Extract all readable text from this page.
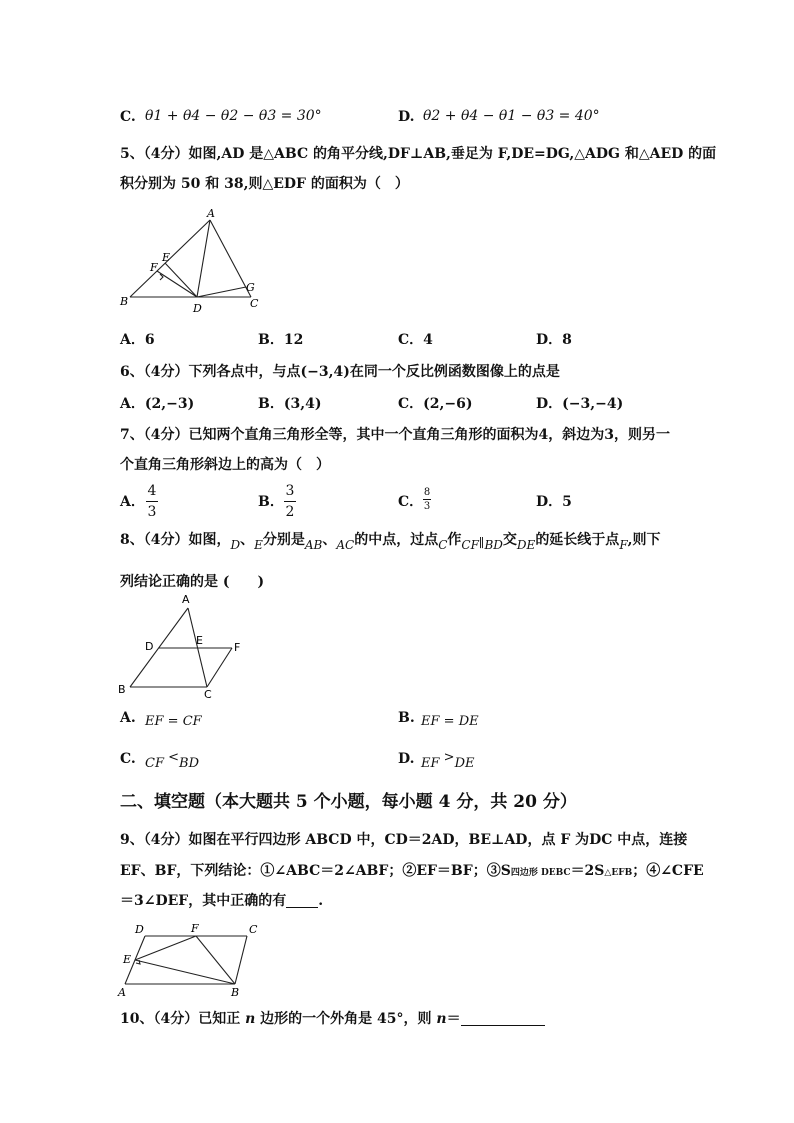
C. θ1 + θ4 − θ2 − θ3 = 30°	D. θ2 + θ4 − θ1 − θ3 = 40°
5、（4分）如图,AD 是△ABC 的角平分线,DF⊥AB,垂足为 F,DE=DG,△ADG 和△AED 的面
积分别为 50 和 38,则△EDF 的面积为（　）
A
E
F
B
D
G
C
A．6	B．12	C．4	D．8
6、（4分）下列各点中，与点(−3,4)在同一个反比例函数图像上的点是
A．(2,−3)	B．(3,4)	C．(2,−6)	D．(−3,−4)
7、（4分）已知两个直角三角形全等，其中一个直角三角形的面积为4，斜边为3，则另一
个直角三角形斜边上的高为（　）
A．
4
3
B．
3
2
C．
8
3	D．5
8、（4分）如图，D、E分别是AB、AC的中点，过点C作CF∥BD交DE的延长线于点F,则下
列结论正确的是 (　　)
A
D	E
F
B	C
A. EF = CF	B. EF = DE
C. CF <BD	D. EF >DE
二、填空题（本大题共 5 个小题，每小题 4 分，共 20 分）
9、（4分）如图在平行四边形 ABCD 中，CD＝2AD，BE⊥AD，点 F 为DC 中点，连接
EF、BF，下列结论：①∠ABC＝2∠ABF；②EF＝BF；③S四边形 DEBC＝2S△EFB；④∠CFE
＝3∠DEF，其中正确的有 .
D	F	C
E
A	B
10、（4分）已知正 n 边形的一个外角是 45°，则 n＝
